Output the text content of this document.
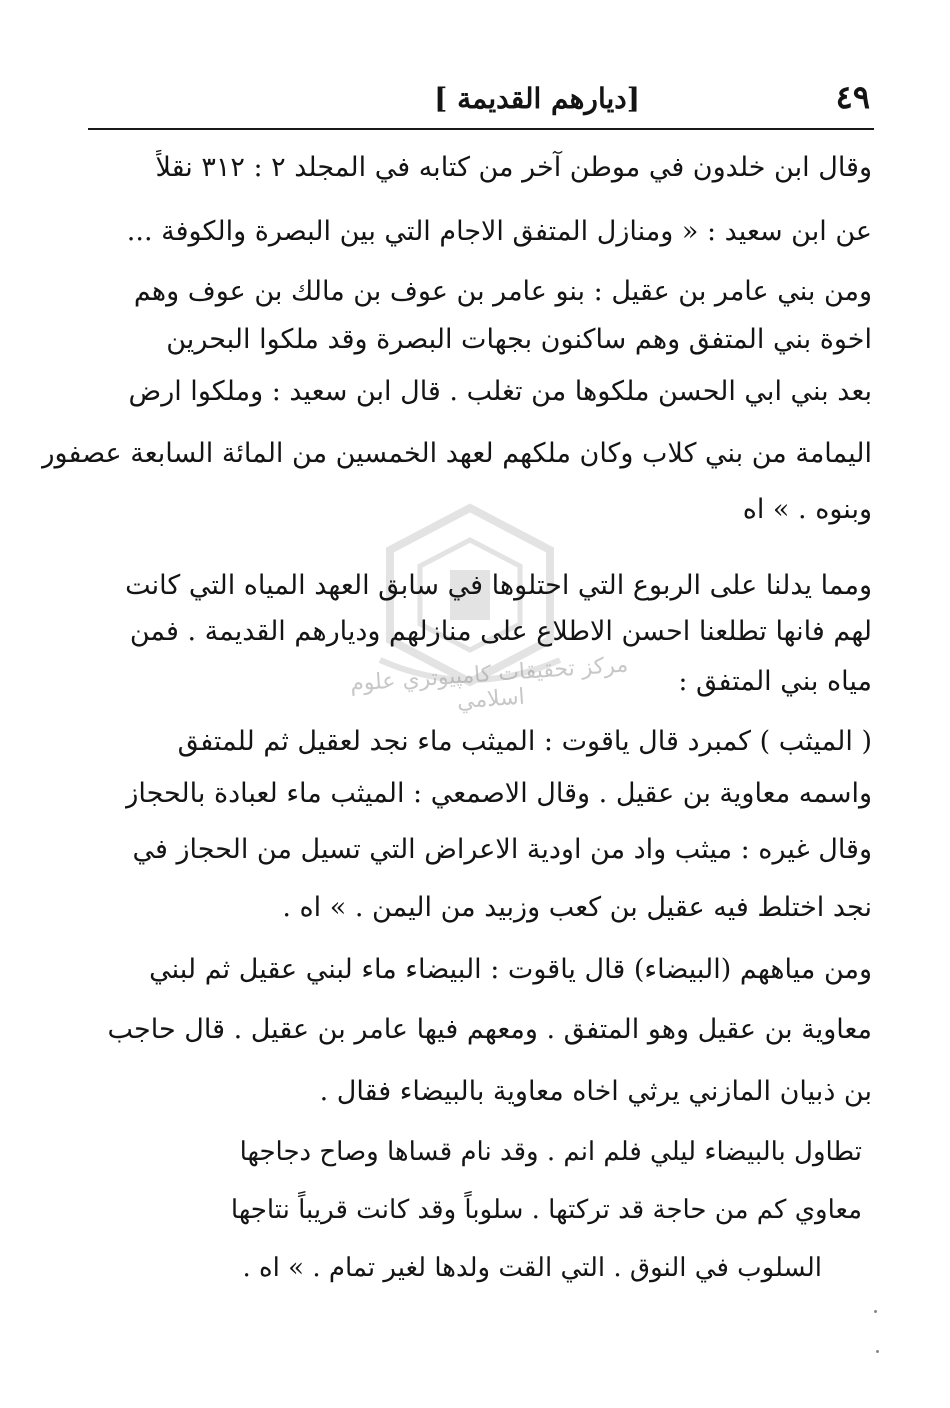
٤٩
[ديارهم القديمة ]
مركز تحقيقات كامپيوتري علوم اسلامي
وقال ابن خلدون في موطن آخر من كتابه في المجلد ٢ : ٣١٢ نقلاً
عن ابن سعيد : « ومنازل المتفق الاجام التي بين البصرة والكوفة ...
ومن بني عامر بن عقيل : بنو عامر بن عوف بن مالك بن عوف وهم
اخوة بني المتفق وهم ساكنون بجهات البصرة وقد ملكوا البحرين
بعد بني ابي الحسن ملكوها من تغلب . قال ابن سعيد : وملكوا ارض
اليمامة من بني كلاب وكان ملكهم لعهد الخمسين من المائة السابعة عصفور
وبنوه . » اه
ومما يدلنا على الربوع التي احتلوها في سابق العهد المياه التي كانت
لهم فانها تطلعنا احسن الاطلاع على منازلهم وديارهم القديمة . فمن
مياه بني المتفق :
( الميثب ) كمبرد قال ياقوت : الميثب ماء نجد لعقيل ثم للمتفق
واسمه معاوية بن عقيل . وقال الاصمعي : الميثب ماء لعبادة بالحجاز
وقال غيره : ميثب واد من اودية الاعراض التي تسيل من الحجاز في
نجد اختلط فيه عقيل بن كعب وزبيد من اليمن . » اه .
ومن مياههم (البيضاء) قال ياقوت : البيضاء ماء لبني عقيل ثم لبني
معاوية بن عقيل وهو المتفق . ومعهم فيها عامر بن عقيل . قال حاجب
بن ذبيان المازني يرثي اخاه معاوية بالبيضاء فقال .
تطاول بالبيضاء ليلي فلم انم . وقد نام قساها وصاح دجاجها
معاوي كم من حاجة قد تركتها . سلوباً وقد كانت قريباً نتاجها
السلوب في النوق . التي القت ولدها لغير تمام . » اه .
